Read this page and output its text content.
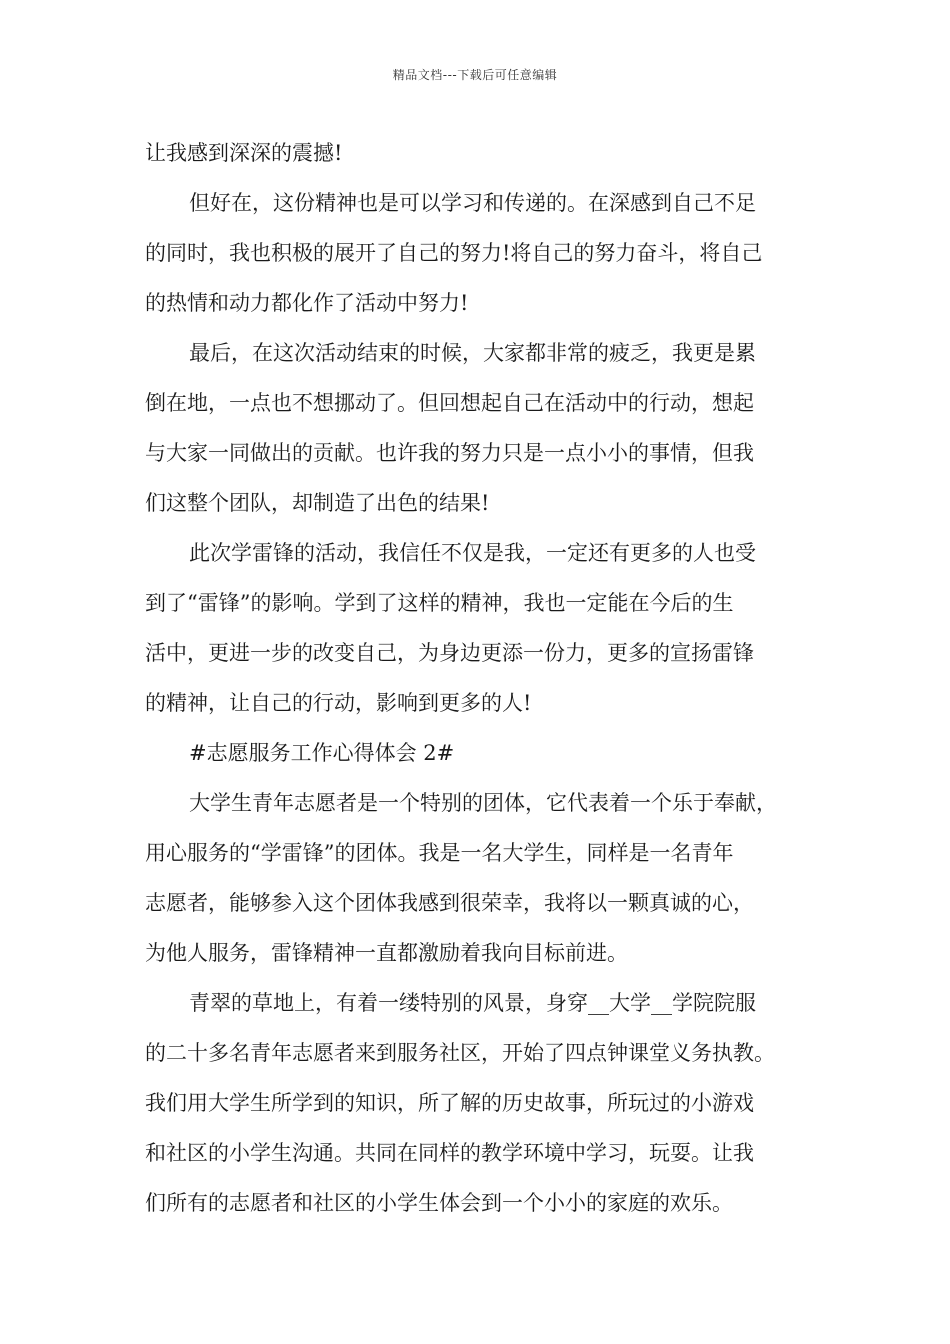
精品文档---下载后可任意编辑
让我感到深深的震撼!
但好在，这份精神也是可以学习和传递的。在深感到自己不足
的同时，我也积极的展开了自己的努力!将自己的努力奋斗，将自己
的热情和动力都化作了活动中努力!
最后，在这次活动结束的时候，大家都非常的疲乏，我更是累
倒在地，一点也不想挪动了。但回想起自己在活动中的行动，想起
与大家一同做出的贡献。也许我的努力只是一点小小的事情，但我
们这整个团队，却制造了出色的结果!
此次学雷锋的活动，我信任不仅是我，一定还有更多的人也受
到了“雷锋”的影响。学到了这样的精神，我也一定能在今后的生
活中，更进一步的改变自己，为身边更添一份力，更多的宣扬雷锋
的精神，让自己的行动，影响到更多的人!
#志愿服务工作心得体会 2#
大学生青年志愿者是一个特别的团体，它代表着一个乐于奉献，
用心服务的“学雷锋”的团体。我是一名大学生，同样是一名青年
志愿者，能够参入这个团体我感到很荣幸，我将以一颗真诚的心，
为他人服务，雷锋精神一直都激励着我向目标前进。
青翠的草地上，有着一缕特别的风景，身穿__大学__学院院服
的二十多名青年志愿者来到服务社区，开始了四点钟课堂义务执教。
我们用大学生所学到的知识，所了解的历史故事，所玩过的小游戏
和社区的小学生沟通。共同在同样的教学环境中学习，玩耍。让我
们所有的志愿者和社区的小学生体会到一个小小的家庭的欢乐。
